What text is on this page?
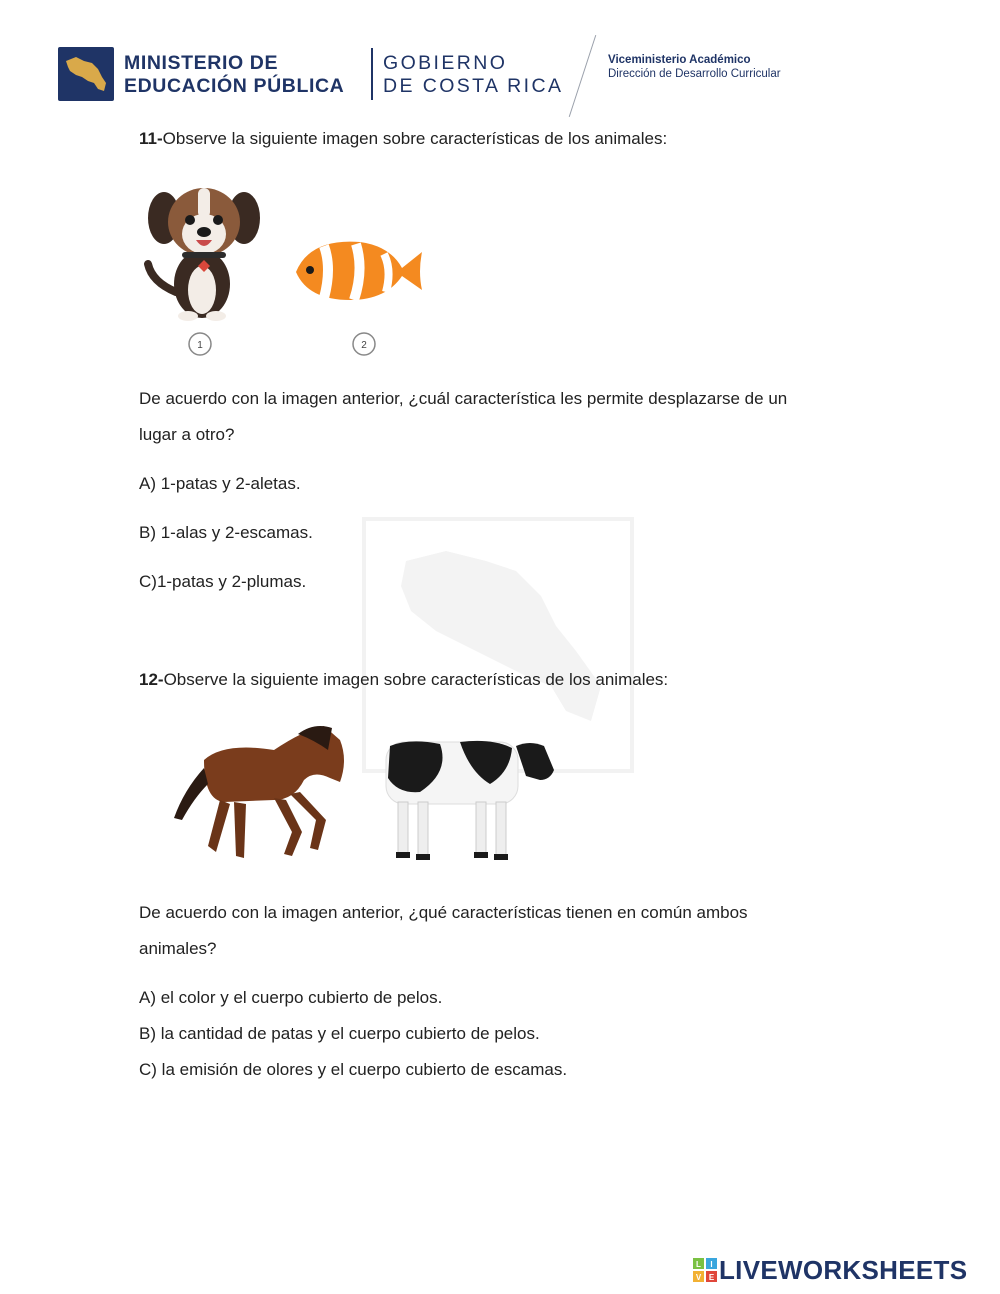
MINISTERIO DE
EDUCACIÓN PÚBLICA
GOBIERNO
DE COSTA RICA
Viceministerio Académico
Dirección de Desarrollo Curricular
11-Observe la siguiente imagen sobre características de los animales:
1	2
De acuerdo con la imagen anterior, ¿cuál característica les permite desplazarse de un
lugar a otro?
A) 1-patas y 2-aletas.
B) 1-alas y 2-escamas.
C)1-patas y 2-plumas.
12-Observe la siguiente imagen sobre características de los animales:
De acuerdo con la imagen anterior, ¿qué características tienen en común ambos
animales?
A) el color y el cuerpo cubierto de pelos.
B) la cantidad de patas y el cuerpo cubierto de pelos.
C) la emisión de olores y el cuerpo cubierto de escamas.
L I
V E LIVEWORKSHEETS
